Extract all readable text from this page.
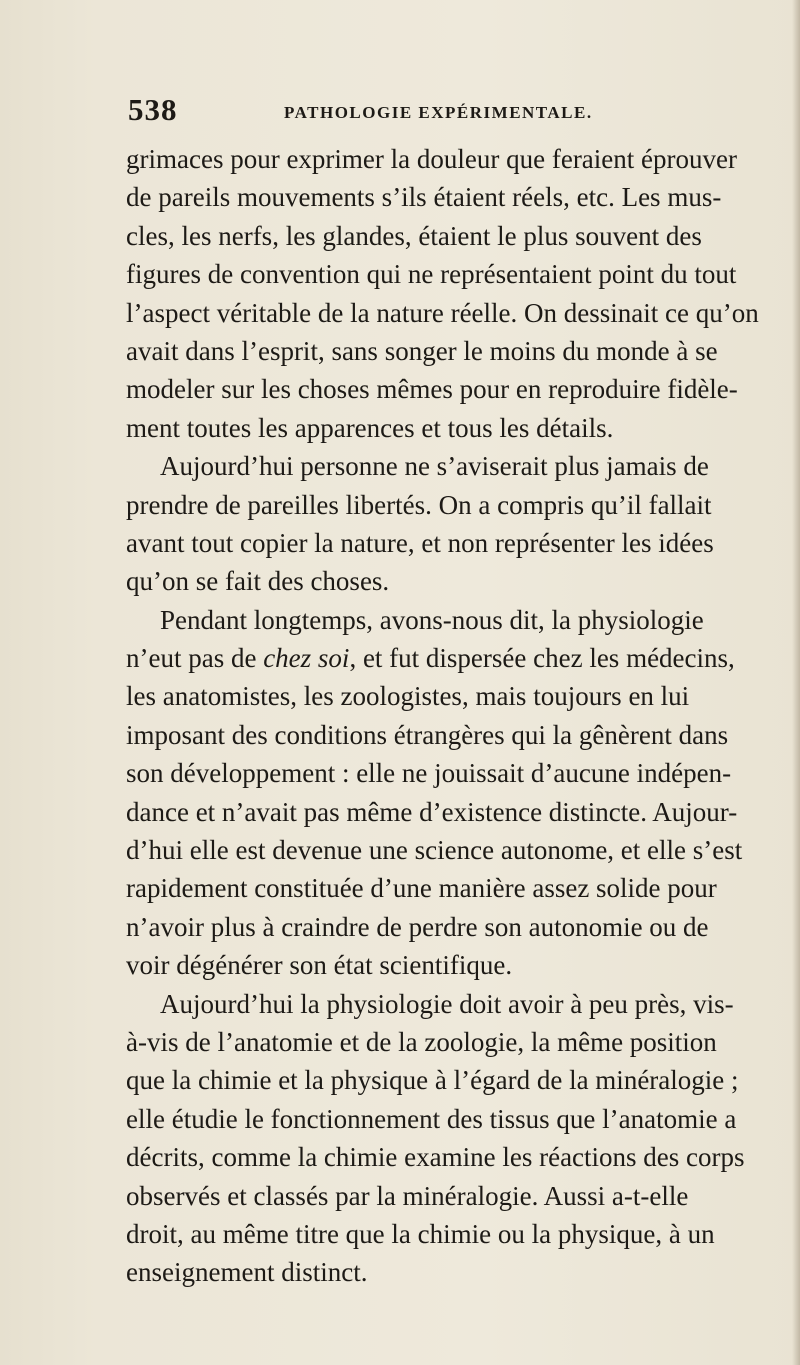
538	PATHOLOGIE EXPÉRIMENTALE.
grimaces pour exprimer la douleur que feraient éprouver
de pareils mouvements s’ils étaient réels, etc. Les mus-
cles, les nerfs, les glandes, étaient le plus souvent des
figures de convention qui ne représentaient point du tout
l’aspect véritable de la nature réelle. On dessinait ce qu’on
avait dans l’esprit, sans songer le moins du monde à se
modeler sur les choses mêmes pour en reproduire fidèle-
ment toutes les apparences et tous les détails.
Aujourd’hui personne ne s’aviserait plus jamais de
prendre de pareilles libertés. On a compris qu’il fallait
avant tout copier la nature, et non représenter les idées
qu’on se fait des choses.
Pendant longtemps, avons-nous dit, la physiologie
n’eut pas de chez soi, et fut dispersée chez les médecins,
les anatomistes, les zoologistes, mais toujours en lui
imposant des conditions étrangères qui la gênèrent dans
son développement : elle ne jouissait d’aucune indépen-
dance et n’avait pas même d’existence distincte. Aujour-
d’hui elle est devenue une science autonome, et elle s’est
rapidement constituée d’une manière assez solide pour
n’avoir plus à craindre de perdre son autonomie ou de
voir dégénérer son état scientifique.
Aujourd’hui la physiologie doit avoir à peu près, vis-
à-vis de l’anatomie et de la zoologie, la même position
que la chimie et la physique à l’égard de la minéralogie ;
elle étudie le fonctionnement des tissus que l’anatomie a
décrits, comme la chimie examine les réactions des corps
observés et classés par la minéralogie. Aussi a-t-elle
droit, au même titre que la chimie ou la physique, à un
enseignement distinct.
